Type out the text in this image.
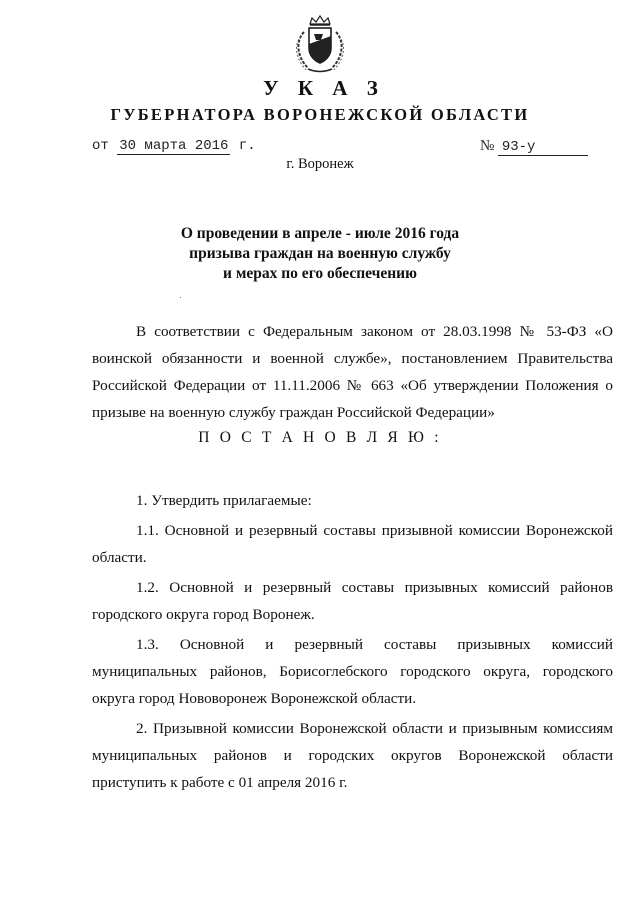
У К А З
ГУБЕРНАТОРА ВОРОНЕЖСКОЙ ОБЛАСТИ
от 30 марта 2016 г.	№ 93-у
г. Воронеж
О проведении в апреле - июле 2016 года
призыва граждан на военную службу
и мерах по его обеспечению

В соответствии с Федеральным законом от 28.03.1998 № 53-ФЗ «О воинской обязанности и военной службе», постановлением Правительства Российской Федерации от 11.11.2006 № 663 «Об утверждении Положения о призыве на военную службу граждан Российской Федерации»

П О С Т А Н О В Л Я Ю :

1. Утвердить прилагаемые:

1.1. Основной и резервный составы призывной комиссии Воронежской области.

1.2. Основной и резервный составы призывных комиссий районов городского округа город Воронеж.

1.3. Основной и резервный составы призывных комиссий муниципальных районов, Борисоглебского городского округа, городского округа город Нововоронеж Воронежской области.

2. Призывной комиссии Воронежской области и призывным комиссиям муниципальных районов и городских округов Воронежской области приступить к работе с 01 апреля 2016 г.
